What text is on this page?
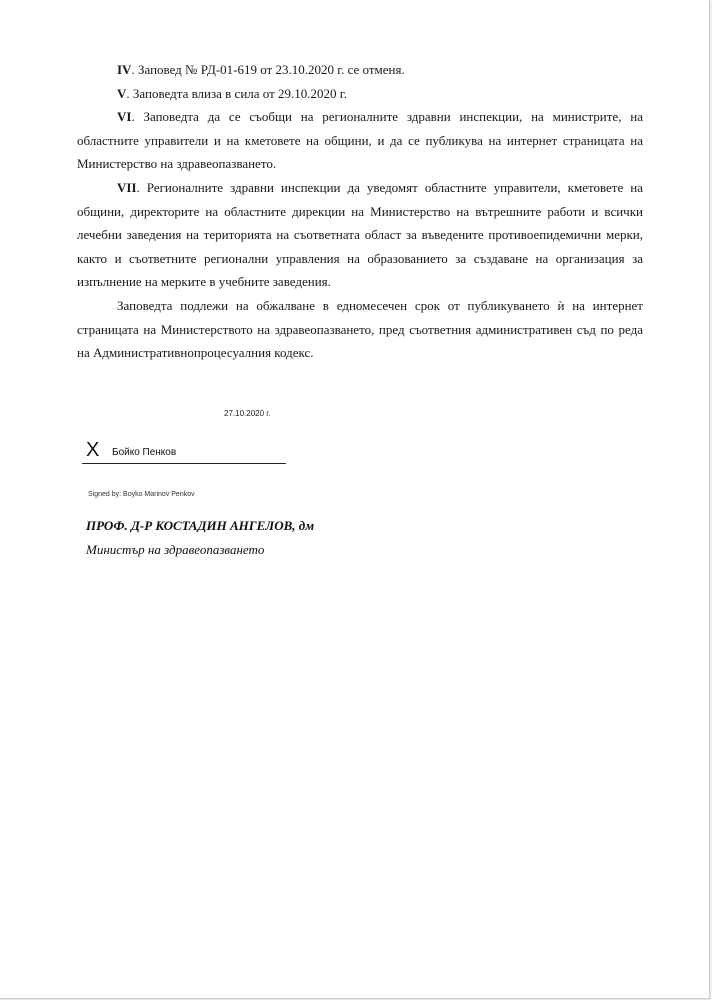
IV. Заповед № РД-01-619 от 23.10.2020 г. се отменя.

V. Заповедта влиза в сила от 29.10.2020 г.

VI. Заповедта да се съобщи на регионалните здравни инспекции, на министрите, на областните управители и на кметовете на общини, и да се публикува на интернет страницата на Министерство на здравеопазването.

VII. Регионалните здравни инспекции да уведомят областните управители, кметовете на общини, директорите на областните дирекции на Министерство на вътрешните работи и всички лечебни заведения на територията на съответната област за въведените противоепидемични мерки, както и съответните регионални управления на образованието за създаване на организация за изпълнение на мерките в учебните заведения.

Заповедта подлежи на обжалване в едномесечен срок от публикуването ѝ на интернет страницата на Министерството на здравеопазването, пред съответния административен съд по реда на Административнопроцесуалния кодекс.

27.10.2020 г.
X Бойко Пенков
Signed by: Boyko Marinov Penkov
ПРОФ. Д-Р КОСТАДИН АНГЕЛОВ, дм
Министър на здравеопазването
